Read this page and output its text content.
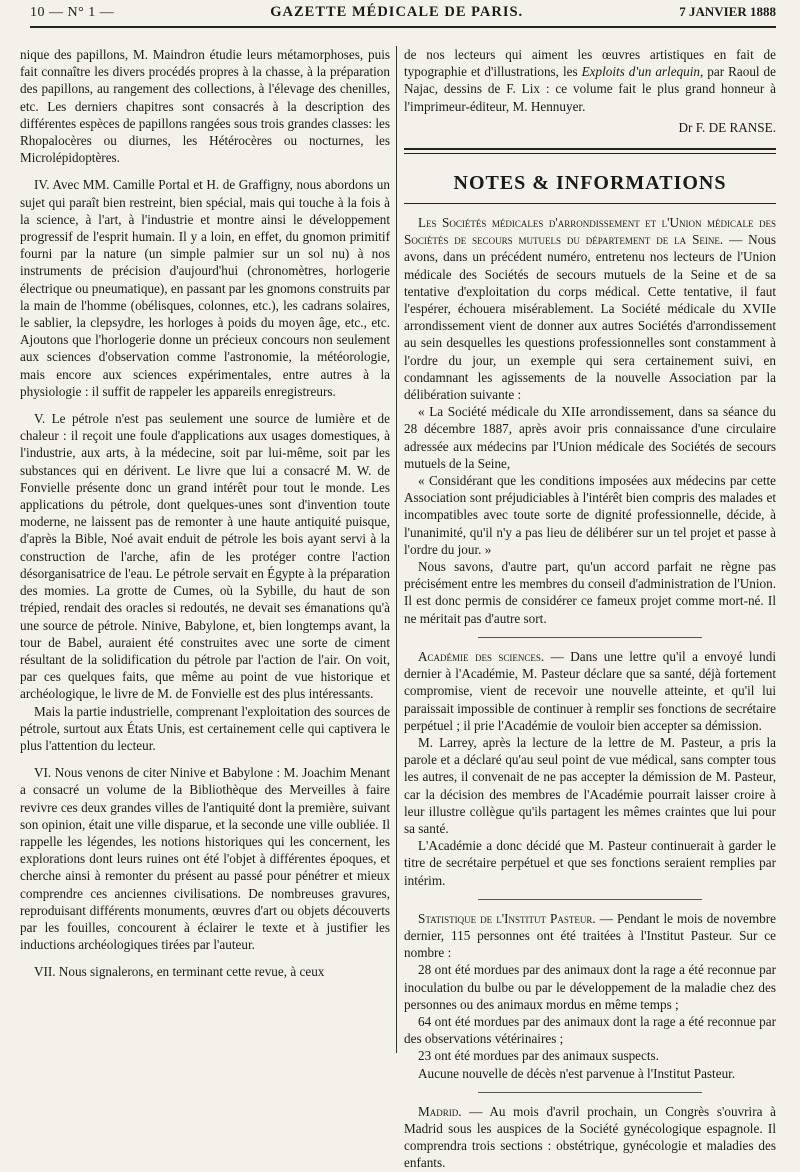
10 — N° 1 —	GAZETTE MÉDICALE DE PARIS.	7 JANVIER 1888

nique des papillons, M. Maindron étudie leurs métamorphoses, puis fait connaître les divers procédés propres à la chasse, à la préparation des papillons, au rangement des collections, à l'élevage des chenilles, etc. Les derniers chapitres sont consacrés à la description des différentes espèces de papillons rangées sous trois grandes classes: les Rhopalocères ou diurnes, les Hétérocères ou nocturnes, les Microlépidoptères.

IV. Avec MM. Camille Portal et H. de Graffigny, nous abordons un sujet qui paraît bien restreint, bien spécial, mais qui touche à la fois à la science, à l'art, à l'industrie et montre ainsi le développement progressif de l'esprit humain. Il y a loin, en effet, du gnomon primitif fourni par la nature (un simple palmier sur un sol nu) à nos instruments de précision d'aujourd'hui (chronomètres, horlogerie électrique ou pneumatique), en passant par les gnomons construits par la main de l'homme (obélisques, colonnes, etc.), les cadrans solaires, le sablier, la clepsydre, les horloges à poids du moyen âge, etc., etc. Ajoutons que l'horlogerie donne un précieux concours non seulement aux sciences d'observation comme l'astronomie, la météorologie, mais encore aux sciences expérimentales, entre autres à la physiologie : il suffit de rappeler les appareils enregistreurs.

V. Le pétrole n'est pas seulement une source de lumière et de chaleur : il reçoit une foule d'applications aux usages domestiques, à l'industrie, aux arts, à la médecine, soit par lui-même, soit par les substances qui en dérivent. Le livre que lui a consacré M. W. de Fonvielle présente donc un grand intérêt pour tout le monde. Les applications du pétrole, dont quelques-unes sont d'invention toute moderne, ne laissent pas de remonter à une haute antiquité puisque, d'après la Bible, Noé avait enduit de pétrole les bois ayant servi à la construction de l'arche, afin de les protéger contre l'action désorganisatrice de l'eau. Le pétrole servait en Égypte à la préparation des momies. La grotte de Cumes, où la Sybille, du haut de son trépied, rendait des oracles si redoutés, ne devait ses émanations qu'à une source de pétrole. Ninive, Babylone, et, bien longtemps avant, la tour de Babel, auraient été construites avec une sorte de ciment résultant de la solidification du pétrole par l'action de l'air. On voit, par ces quelques faits, que même au point de vue historique et archéologique, le livre de M. de Fonvielle est des plus intéressants.

Mais la partie industrielle, comprenant l'exploitation des sources de pétrole, surtout aux États Unis, est certainement celle qui captivera le plus l'attention du lecteur.

VI. Nous venons de citer Ninive et Babylone : M. Joachim Menant a consacré un volume de la Bibliothèque des Merveilles à faire revivre ces deux grandes villes de l'antiquité dont la première, suivant son opinion, était une ville disparue, et la seconde une ville oubliée. Il rappelle les légendes, les notions historiques qui les concernent, les explorations dont leurs ruines ont été l'objet à différentes époques, et cherche ainsi à remonter du présent au passé pour pénétrer et mieux comprendre ces anciennes civilisations. De nombreuses gravures, reproduisant différents monuments, œuvres d'art ou objets découverts par les fouilles, concourent à éclairer le texte et à justifier les inductions archéologiques tirées par l'auteur.

VII. Nous signalerons, en terminant cette revue, à ceux

de nos lecteurs qui aiment les œuvres artistiques en fait de typographie et d'illustrations, les Exploits d'un arlequin, par Raoul de Najac, dessins de F. Lix : ce volume fait le plus grand honneur à l'imprimeur-éditeur, M. Hennuyer.

Dr F. DE RANSE.

NOTES & INFORMATIONS

Les Sociétés médicales d'arrondissement et l'Union médicale des Sociétés de secours mutuels du département de la Seine. — Nous avons, dans un précédent numéro, entretenu nos lecteurs de l'Union médicale des Sociétés de secours mutuels de la Seine et de sa tentative d'exploitation du corps médical. Cette tentative, il faut l'espérer, échouera misérablement. La Société médicale du XVIIe arrondissement vient de donner aux autres Sociétés d'arrondissement au sein desquelles les questions professionnelles sont constamment à l'ordre du jour, un exemple qui sera certainement suivi, en condamnant les agissements de la nouvelle Association par la délibération suivante :

« La Société médicale du XIIe arrondissement, dans sa séance du 28 décembre 1887, après avoir pris connaissance d'une circulaire adressée aux médecins par l'Union médicale des Sociétés de secours mutuels de la Seine,

« Considérant que les conditions imposées aux médecins par cette Association sont préjudiciables à l'intérêt bien compris des malades et incompatibles avec toute sorte de dignité professionnelle, décide, à l'unanimité, qu'il n'y a pas lieu de délibérer sur un tel projet et passe à l'ordre du jour. »

Nous savons, d'autre part, qu'un accord parfait ne règne pas précisément entre les membres du conseil d'administration de l'Union. Il est donc permis de considérer ce fameux projet comme mort-né. Il ne méritait pas d'autre sort.

Académie des sciences. — Dans une lettre qu'il a envoyé lundi dernier à l'Académie, M. Pasteur déclare que sa santé, déjà fortement compromise, vient de recevoir une nouvelle atteinte, et qu'il lui paraissait impossible de continuer à remplir ses fonctions de secrétaire perpétuel ; il prie l'Académie de vouloir bien accepter sa démission.

M. Larrey, après la lecture de la lettre de M. Pasteur, a pris la parole et a déclaré qu'au seul point de vue médical, sans compter tous les autres, il convenait de ne pas accepter la démission de M. Pasteur, car la décision des membres de l'Académie pourrait laisser croire à leur illustre collègue qu'ils partagent les mêmes craintes que lui pour sa santé.

L'Académie a donc décidé que M. Pasteur continuerait à garder le titre de secrétaire perpétuel et que ses fonctions seraient remplies par intérim.

Statistique de l'Institut Pasteur. — Pendant le mois de novembre dernier, 115 personnes ont été traitées à l'Institut Pasteur. Sur ce nombre :

28 ont été mordues par des animaux dont la rage a été reconnue par inoculation du bulbe ou par le développement de la maladie chez des personnes ou des animaux mordus en même temps ;

64 ont été mordues par des animaux dont la rage a été reconnue par des observations vétérinaires ;

23 ont été mordues par des animaux suspects.

Aucune nouvelle de décès n'est parvenue à l'Institut Pasteur.

Madrid. — Au mois d'avril prochain, un Congrès s'ouvrira à Madrid sous les auspices de la Société gynécologique espagnole. Il comprendra trois sections : obstétrique, gynécologie et maladies des enfants.
